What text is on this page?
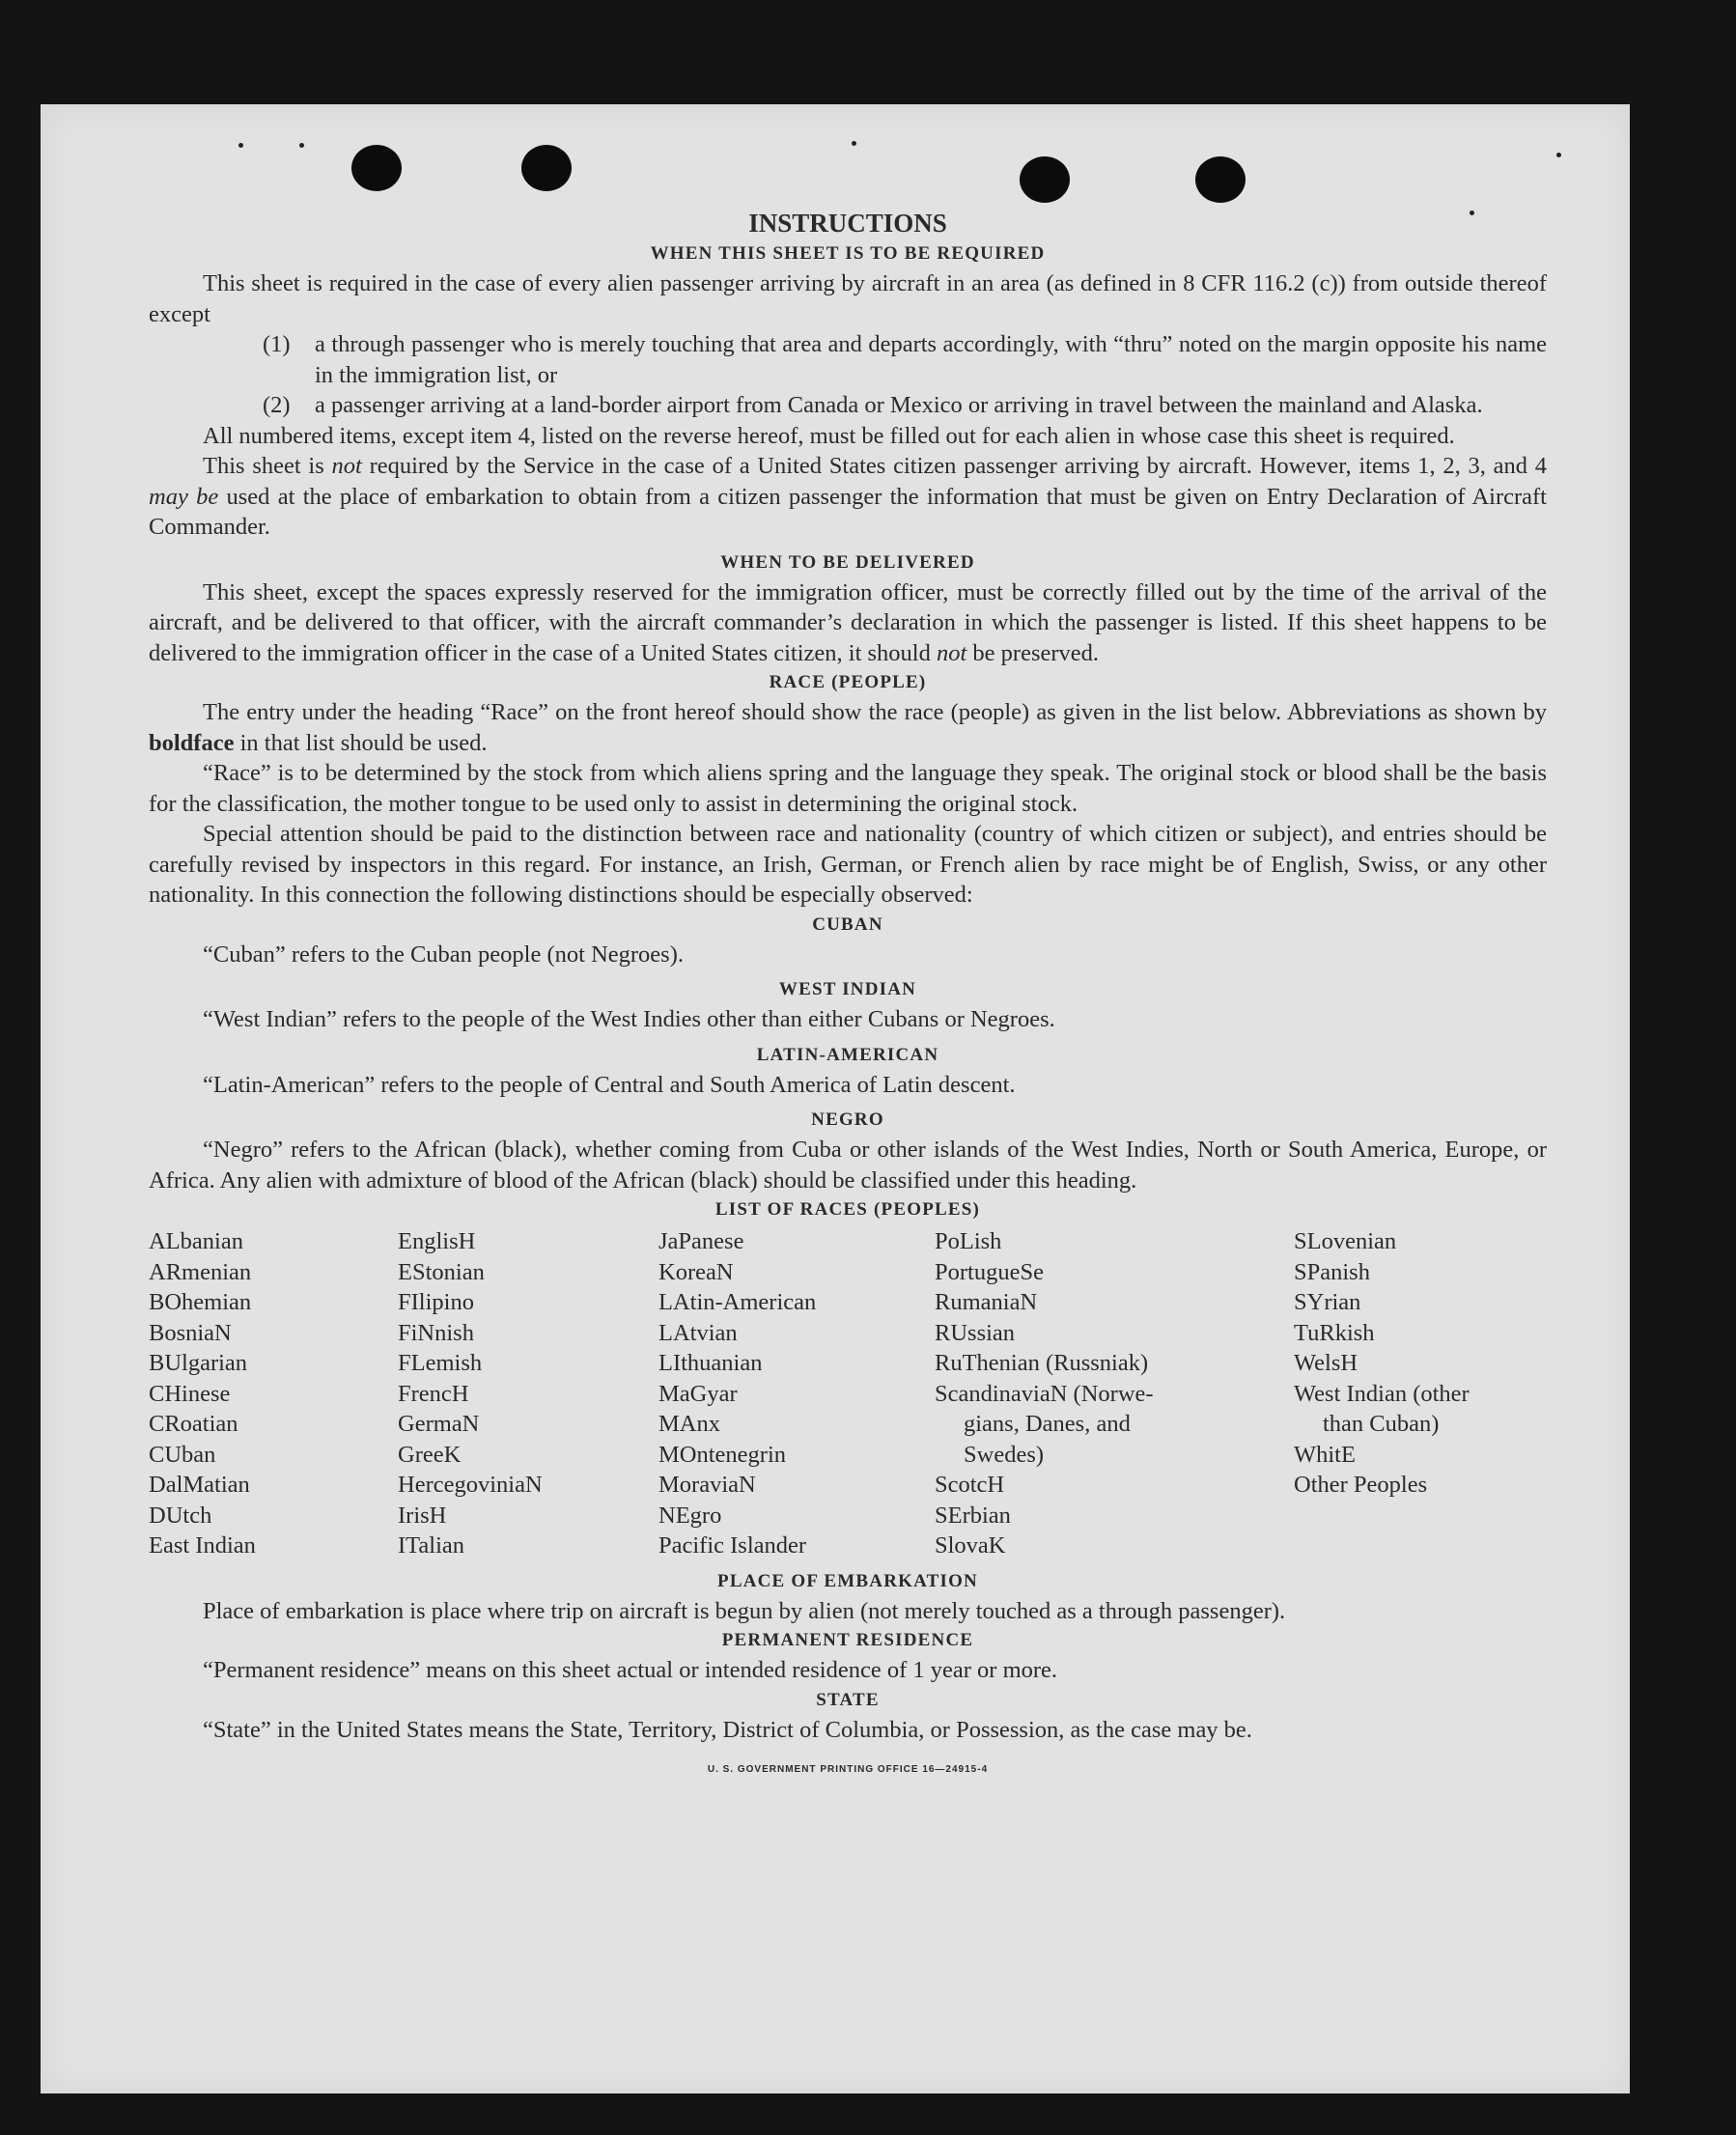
INSTRUCTIONS
WHEN THIS SHEET IS TO BE REQUIRED

This sheet is required in the case of every alien passenger arriving by aircraft in an area (as defined in 8 CFR 116.2 (c)) from outside thereof except

(1)	a through passenger who is merely touching that area and departs accordingly, with “thru” noted on the margin opposite his name in the immigration list, or
(2)	a passenger arriving at a land-border airport from Canada or Mexico or arriving in travel between the mainland and Alaska.

All numbered items, except item 4, listed on the reverse hereof, must be filled out for each alien in whose case this sheet is required.

This sheet is not required by the Service in the case of a United States citizen passenger arriving by aircraft. However, items 1, 2, 3, and 4 may be used at the place of embarkation to obtain from a citizen passenger the information that must be given on Entry Declaration of Aircraft Commander.

WHEN TO BE DELIVERED

This sheet, except the spaces expressly reserved for the immigration officer, must be correctly filled out by the time of the arrival of the aircraft, and be delivered to that officer, with the aircraft commander’s declaration in which the passenger is listed. If this sheet happens to be delivered to the immigration officer in the case of a United States citizen, it should not be preserved.

RACE (PEOPLE)

The entry under the heading “Race” on the front hereof should show the race (people) as given in the list below. Abbreviations as shown by boldface in that list should be used.

“Race” is to be determined by the stock from which aliens spring and the language they speak. The original stock or blood shall be the basis for the classification, the mother tongue to be used only to assist in determining the original stock.

Special attention should be paid to the distinction between race and nationality (country of which citizen or subject), and entries should be carefully revised by inspectors in this regard. For instance, an Irish, German, or French alien by race might be of English, Swiss, or any other nationality. In this connection the following distinctions should be especially observed:

CUBAN
“Cuban” refers to the Cuban people (not Negroes).
WEST INDIAN
“West Indian” refers to the people of the West Indies other than either Cubans or Negroes.
LATIN-AMERICAN
“Latin-American” refers to the people of Central and South America of Latin descent.
NEGRO

“Negro” refers to the African (black), whether coming from Cuba or other islands of the West Indies, North or South America, Europe, or Africa. Any alien with admixture of blood of the African (black) should be classified under this heading.

LIST OF RACES (PEOPLES)
ALbanian
ARmenian
BOhemian
BosniaN
BUlgarian
CHinese
CRoatian
CUban
DalMatian
DUtch
East Indian
EnglisH
EStonian
FIlipino
FiNnish
FLemish
FrencH
GermaN
GreeK
HercegoviniaN
IrisH
ITalian
JaPanese
KoreaN
LAtin-American
LAtvian
LIthuanian
MaGyar
MAnx
MOntenegrin
MoraviaN
NEgro
Pacific Islander
PoLish
PortugueSe
RumaniaN
RUssian
RuThenian (Russniak)
ScandinaviaN (Norwe-
gians, Danes, and
Swedes)
ScotcH
SErbian
SlovaK
SLovenian
SPanish
SYrian
TuRkish
WelsH
West Indian (other
than Cuban)
WhitE
Other Peoples
PLACE OF EMBARKATION

Place of embarkation is place where trip on aircraft is begun by alien (not merely touched as a through passenger).

PERMANENT RESIDENCE
“Permanent residence” means on this sheet actual or intended residence of 1 year or more.
STATE

“State” in the United States means the State, Territory, District of Columbia, or Possession, as the case may be.

U. S. GOVERNMENT PRINTING OFFICE 16—24915-4
